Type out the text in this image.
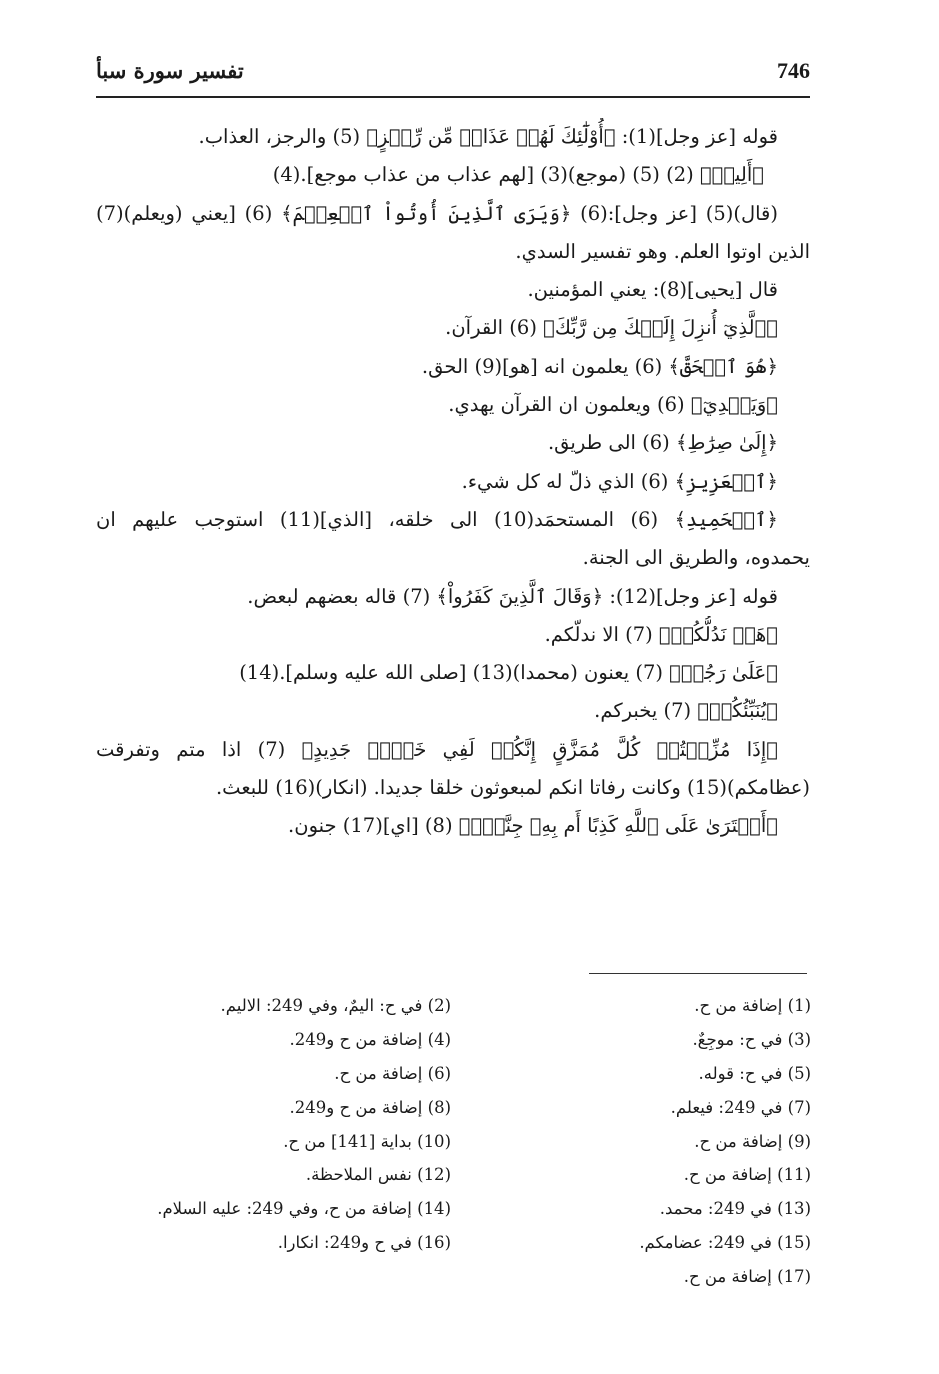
746
تفسير سورة سبأ
قوله [عز وجل](1): ﴿أُوْلَٰٓئِكَ لَهُمۡ عَذَابٞ مِّن رِّجۡزٍ﴾ (5) والرجز، العذاب.
﴿أَلِيمٞ﴾ (2) (5) (موجع)(3) [لهم عذاب من عذاب موجع].(4)
(قال)(5) [عز وجل]:(6) ﴿وَيَرَى ٱلَّذِينَ أُوتُواْ ٱلۡعِلۡمَ﴾ (6) [يعني (ويعلم)(7)
الذين اوتوا العلم. وهو تفسير السدي.
قال [يحيى](8): يعني المؤمنين.
﴿ٱلَّذِيٓ أُنزِلَ إِلَيۡكَ مِن رَّبِّكَ﴾ (6) القرآن.
﴿هُوَ ٱلۡحَقَّ﴾ (6) يعلمون انه [هو](9) الحق.
﴿وَيَهۡدِيٓ﴾ (6) ويعلمون ان القرآن يهدي.
﴿إِلَىٰ صِرَٰطِ﴾ (6) الى طريق.
﴿ٱلۡعَزِيزِ﴾ (6) الذي ذلّ له كل شيء.
﴿ٱلۡحَمِيدِ﴾ (6) المستحمَد(10) الى خلقه، [الذي](11) استوجب عليهم ان
يحمدوه، والطريق الى الجنة.
قوله [عز وجل](12): ﴿وَقَالَ ٱلَّذِينَ كَفَرُواْ﴾ (7) قاله بعضهم لبعض.
﴿هَلۡ نَدُلُّكُمۡ﴾ (7) الا ندلّكم.
﴿عَلَىٰ رَجُلٖ﴾ (7) يعنون (محمدا)(13) [صلى الله عليه وسلم].(14)
﴿يُنَبِّئُكُمۡ﴾ (7) يخبركم.
﴿إِذَا مُزِّقۡتُمۡ كُلَّ مُمَزَّقٍ إِنَّكُمۡ لَفِي خَلۡقٖ جَدِيدٍ﴾ (7) اذا متم وتفرقت
(عظامكم)(15) وكانت رفاتا انكم لمبعوثون خلقا جديدا. (انكار)(16) للبعث.
﴿أَفۡتَرَىٰ عَلَى ٱللَّهِ كَذِبًا أَم بِهِۦ جِنَّةُۢ﴾ (8) [اي](17) جنون.
(1) إضافة من ح.
(3) في ح: موجِعٌ.
(5) في ح: قوله.
(7) في 249: فيعلم.
(9) إضافة من ح.
(11) إضافة من ح.
(13) في 249: محمد.
(15) في 249: عضامكم.
(17) إضافة من ح.
(2) في ح: اليمٌ، وفي 249: الاليم.
(4) إضافة من ح و249.
(6) إضافة من ح.
(8) إضافة من ح و249.
(10) بداية [141] من ح.
(12) نفس الملاحظة.
(14) إضافة من ح، وفي 249: عليه السلام.
(16) في ح و249: انكارا.
